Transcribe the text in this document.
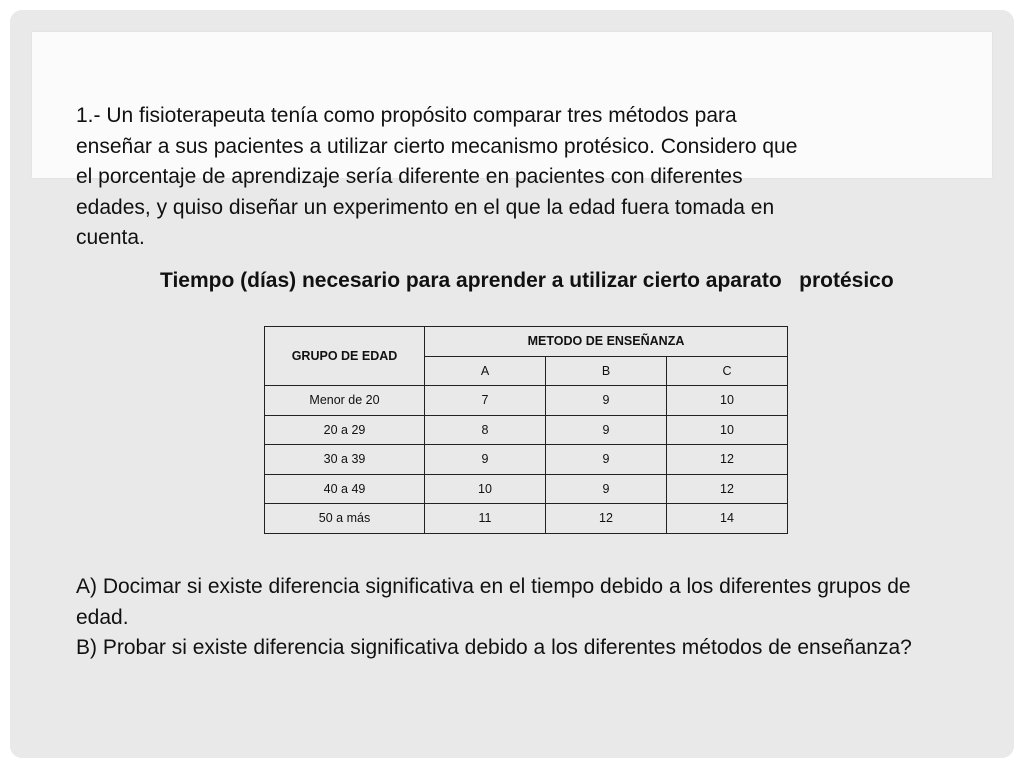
1.- Un fisioterapeuta tenía como propósito comparar tres métodos para enseñar a sus pacientes a utilizar cierto mecanismo protésico. Considero que el porcentaje de aprendizaje sería diferente en pacientes con diferentes edades, y quiso diseñar un experimento en el que la edad fuera tomada en cuenta.

Tiempo (días) necesario para aprender a utilizar cierto aparato   protésico

GRUPO DE EDAD	METODO DE ENSEÑANZA		
	A	B	C
Menor de 20	7	9	10
20 a 29	8	9	10
30 a 39	9	9	12
40 a 49	10	9	12
50 a más	11	12	14

A) Docimar si existe diferencia significativa en el tiempo debido a los diferentes grupos de edad.

B) Probar si existe diferencia significativa debido a los diferentes métodos de enseñanza?
